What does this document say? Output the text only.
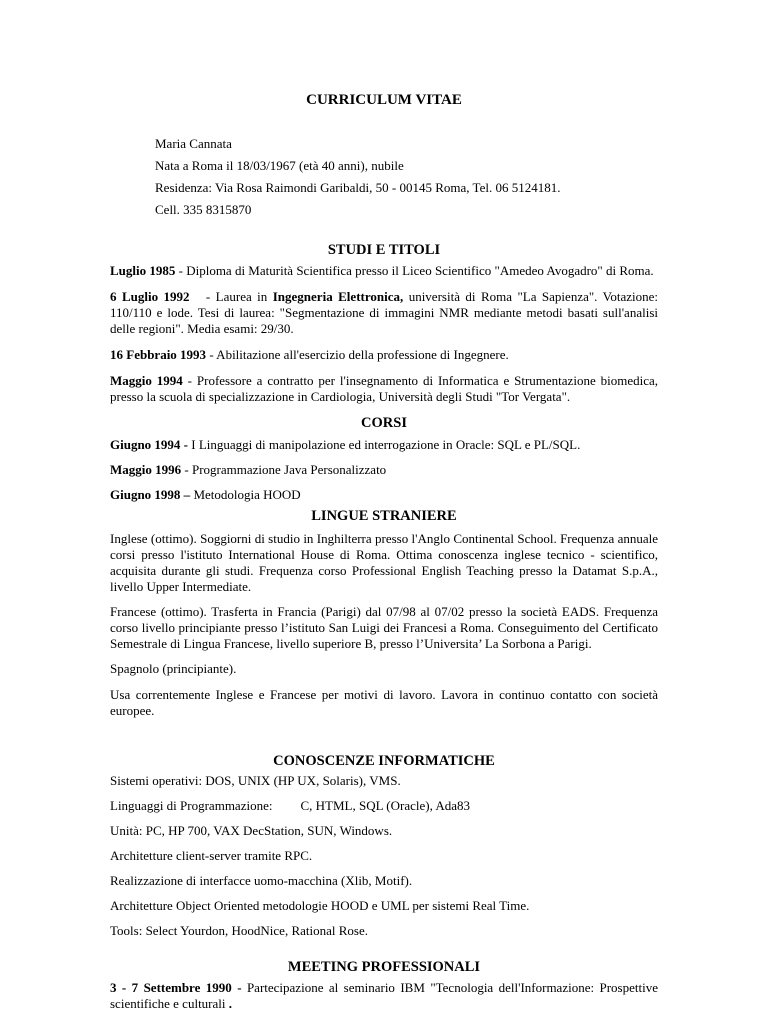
CURRICULUM VITAE
Maria Cannata
Nata a Roma il 18/03/1967 (età 40 anni), nubile
Residenza: Via Rosa Raimondi Garibaldi, 50 - 00145 Roma, Tel. 06 5124181.
Cell. 335 8315870
STUDI E TITOLI
Luglio 1985 - Diploma di Maturità Scientifica presso il Liceo Scientifico "Amedeo Avogadro" di Roma.
6 Luglio 1992   - Laurea in Ingegneria Elettronica, università di Roma "La Sapienza". Votazione: 110/110 e lode. Tesi di laurea: "Segmentazione di immagini NMR mediante metodi basati sull'analisi delle regioni". Media esami: 29/30.
16 Febbraio 1993 - Abilitazione all'esercizio della professione di Ingegnere.
Maggio 1994 - Professore a contratto per l'insegnamento di Informatica e Strumentazione biomedica, presso la scuola di specializzazione in Cardiologia, Università degli Studi "Tor Vergata".
CORSI
Giugno 1994 - I Linguaggi di manipolazione ed interrogazione in Oracle: SQL e PL/SQL.
Maggio 1996 - Programmazione Java Personalizzato
Giugno 1998 – Metodologia HOOD
LINGUE STRANIERE
Inglese (ottimo). Soggiorni di studio in Inghilterra presso l'Anglo Continental School. Frequenza annuale corsi presso l'istituto International House di Roma. Ottima conoscenza inglese tecnico - scientifico, acquisita durante gli studi. Frequenza corso Professional English Teaching presso la Datamat S.p.A., livello Upper Intermediate.
Francese (ottimo). Trasferta in Francia (Parigi) dal 07/98 al 07/02 presso la società EADS. Frequenza corso livello principiante presso l’istituto San Luigi dei Francesi a Roma. Conseguimento del Certificato Semestrale di Lingua Francese, livello superiore B, presso l’Universita’ La Sorbona a Parigi.
Spagnolo (principiante).
Usa correntemente Inglese e Francese per motivi di lavoro. Lavora in continuo contatto con società europee.
CONOSCENZE INFORMATICHE
Sistemi operativi: DOS, UNIX (HP UX, Solaris), VMS.
Linguaggi di Programmazione: C, HTML, SQL (Oracle), Ada83
Unità: PC, HP 700, VAX DecStation, SUN, Windows.
Architetture client-server tramite RPC.
Realizzazione di interfacce uomo-macchina (Xlib, Motif).
Architetture Object Oriented metodologie HOOD e UML per sistemi Real Time.
Tools: Select Yourdon, HoodNice, Rational Rose.
MEETING PROFESSIONALI
3 - 7 Settembre 1990 - Partecipazione al seminario IBM "Tecnologia dell'Informazione: Prospettive scientifiche e culturali .
